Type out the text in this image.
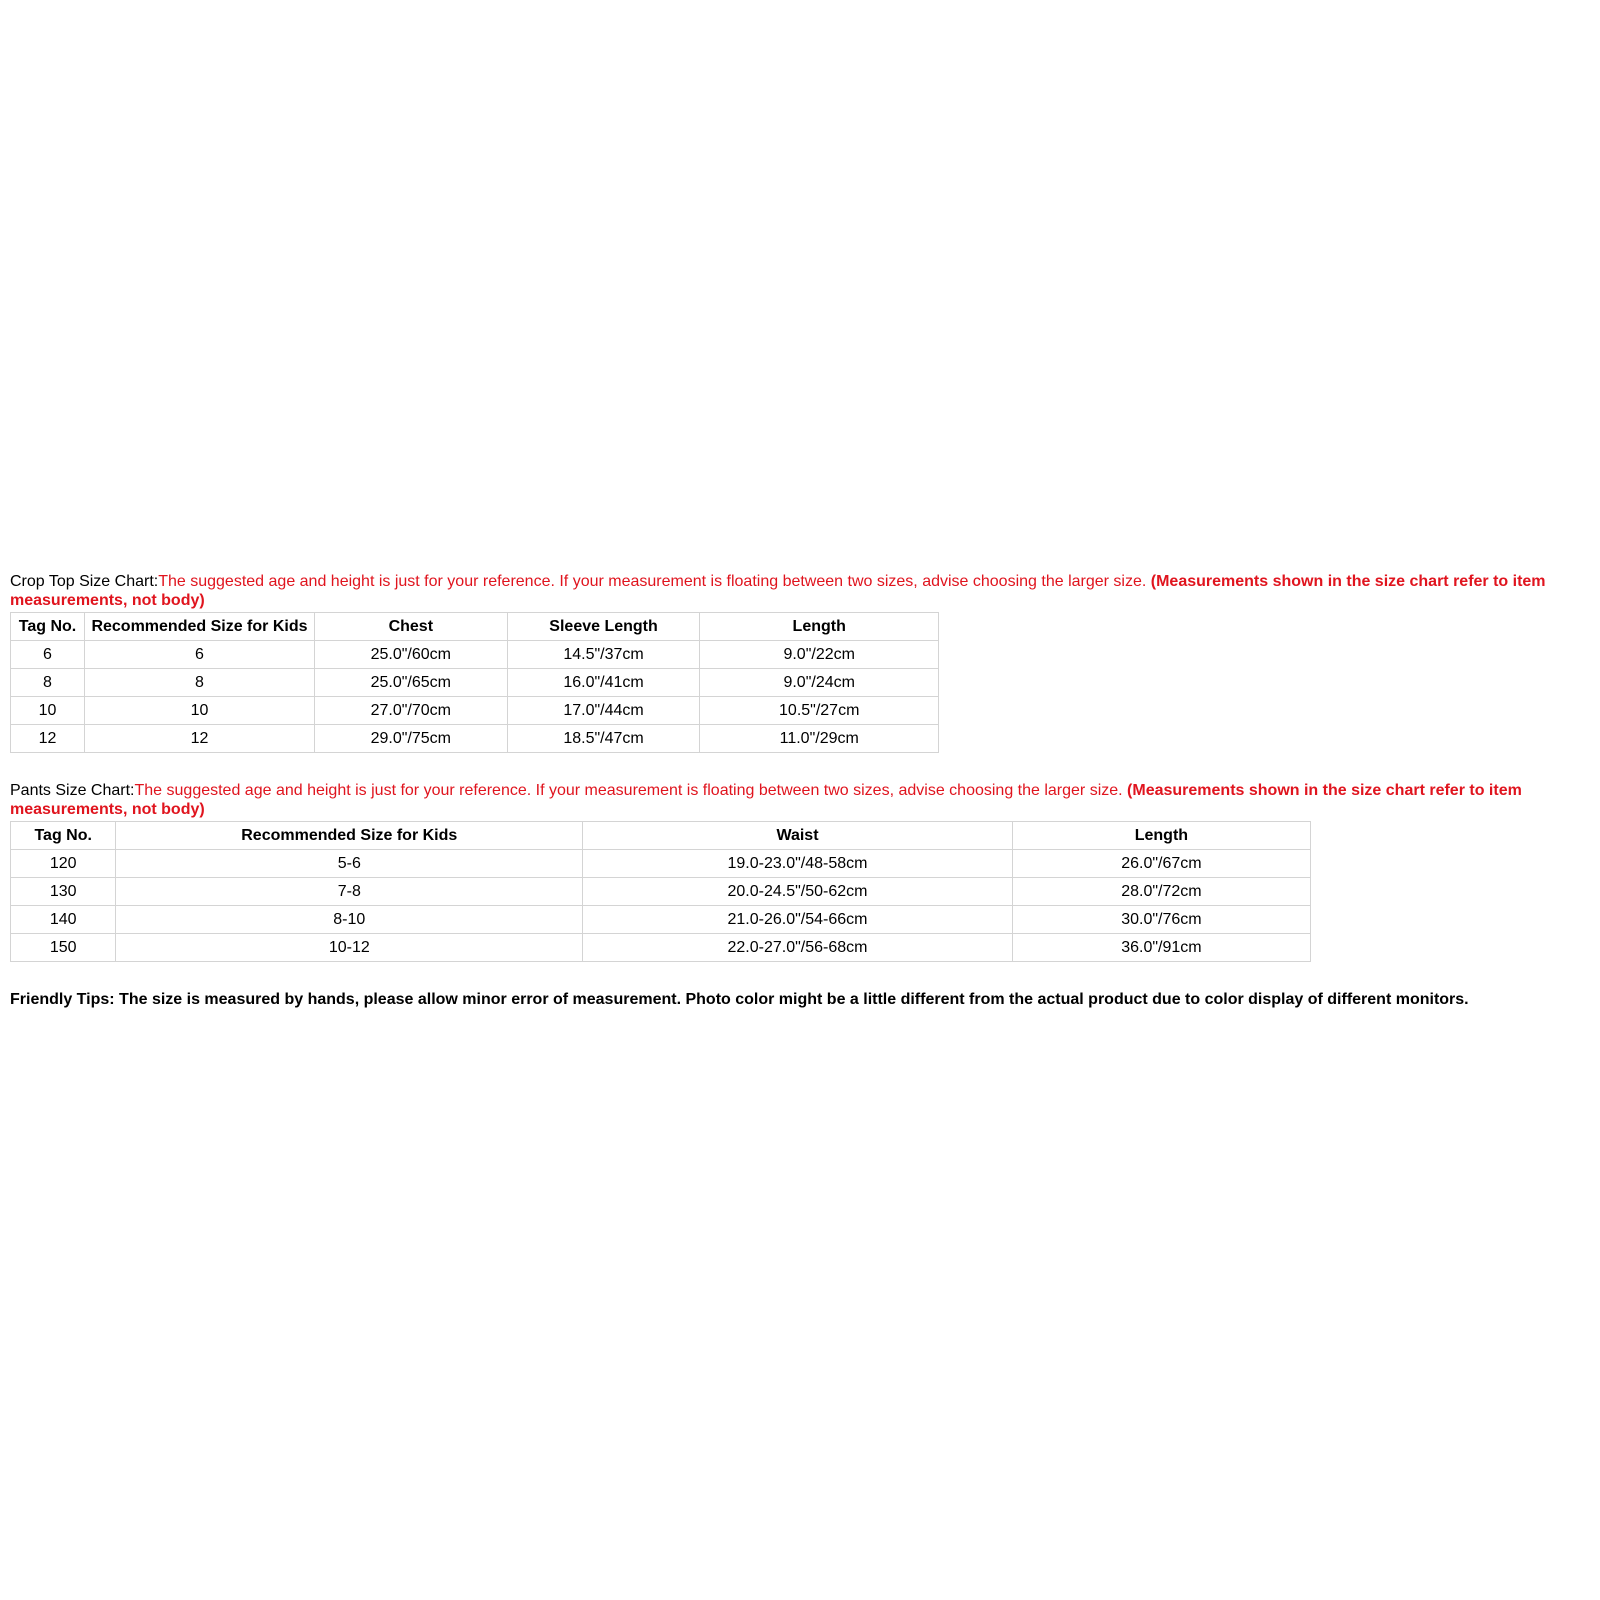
Crop Top Size Chart:The suggested age and height is just for your reference. If your measurement is floating between two sizes, advise choosing the larger size. (Measurements shown in the size chart refer to item measurements, not body)

Tag No.	Recommended Size for Kids	Chest	Sleeve Length	Length
6	6	25.0"/60cm	14.5"/37cm	9.0"/22cm
8	8	25.0"/65cm	16.0"/41cm	9.0"/24cm
10	10	27.0"/70cm	17.0"/44cm	10.5"/27cm
12	12	29.0"/75cm	18.5"/47cm	11.0"/29cm

Pants Size Chart:The suggested age and height is just for your reference. If your measurement is floating between two sizes, advise choosing the larger size. (Measurements shown in the size chart refer to item measurements, not body)

Tag No.	Recommended Size for Kids	Waist	Length
120	5-6	19.0-23.0"/48-58cm	26.0"/67cm
130	7-8	20.0-24.5"/50-62cm	28.0"/72cm
140	8-10	21.0-26.0"/54-66cm	30.0"/76cm
150	10-12	22.0-27.0"/56-68cm	36.0"/91cm

Friendly Tips: The size is measured by hands, please allow minor error of measurement. Photo color might be a little different from the actual product due to color display of different monitors.
